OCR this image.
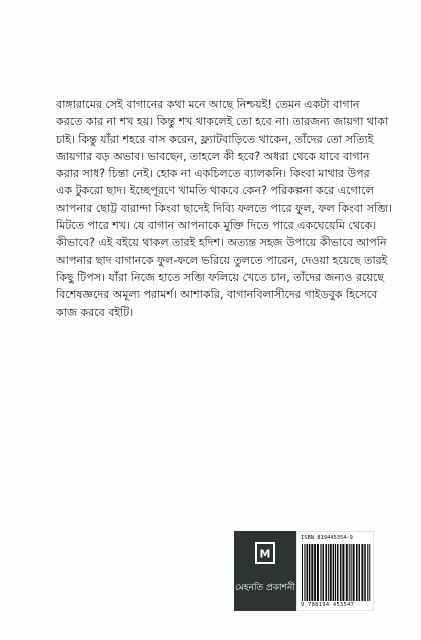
বাঙ্গারামের সেই বাগানের কথা মনে আছে নিশ্চয়ই! তেমন একটা বাগান
করতে কার না শখ হয়। কিন্তু শখ থাকলেই তো হবে না। তারজন্য জায়গা থাকা
চাই। কিন্তু যাঁরা শহরে বাস করেন, ফ্ল্যাটবাড়িতে থাকেন, তাঁদের তো সত্যিই
জায়গার বড় অভাব। ভাবছেন, তাহলে কী হবে? অধরা থেকে যাবে বাগান
করার সাধ? চিন্তা নেই। হোক না একচিলতে ব্যালকনি। কিংবা মাথার উপর
এক টুকরো ছাদ। ইচ্ছেপূরণে খামতি থাকবে কেন? পরিকল্পনা করে এগোলে
আপনার ছোট্ট বারান্দা কিংবা ছাদেই দিব্যি ফলতে পারে ফুল, ফল কিংবা সব্জি।
মিটতে পারে শখ। যে বাগান আপনাকে মুক্তি দিতে পারে একঘেয়েমি থেকে।
কীভাবে? এই বইয়ে থাকল তারই হদিশ। অত্যন্ত সহজ উপায়ে কীভাবে আপনি
আপনার ছাদ বাগানকে ফুল-ফলে ভরিয়ে তুলতে পারেন, দেওয়া হয়েছে তারই
কিছু টিপস। যাঁরা নিজে হাতে সব্জি ফলিয়ে খেতে চান, তাঁদের জন্যও রয়েছে
বিশেষজ্ঞদের অমূল্য পরামর্শ। আশাকরি, বাগানবিলাসীদের গাইডবুক হিসেবে
কাজ করবে বইটি।
M
মেহনতি প্রকাশনী
ISBN 819445354-9
9 788194 453547
